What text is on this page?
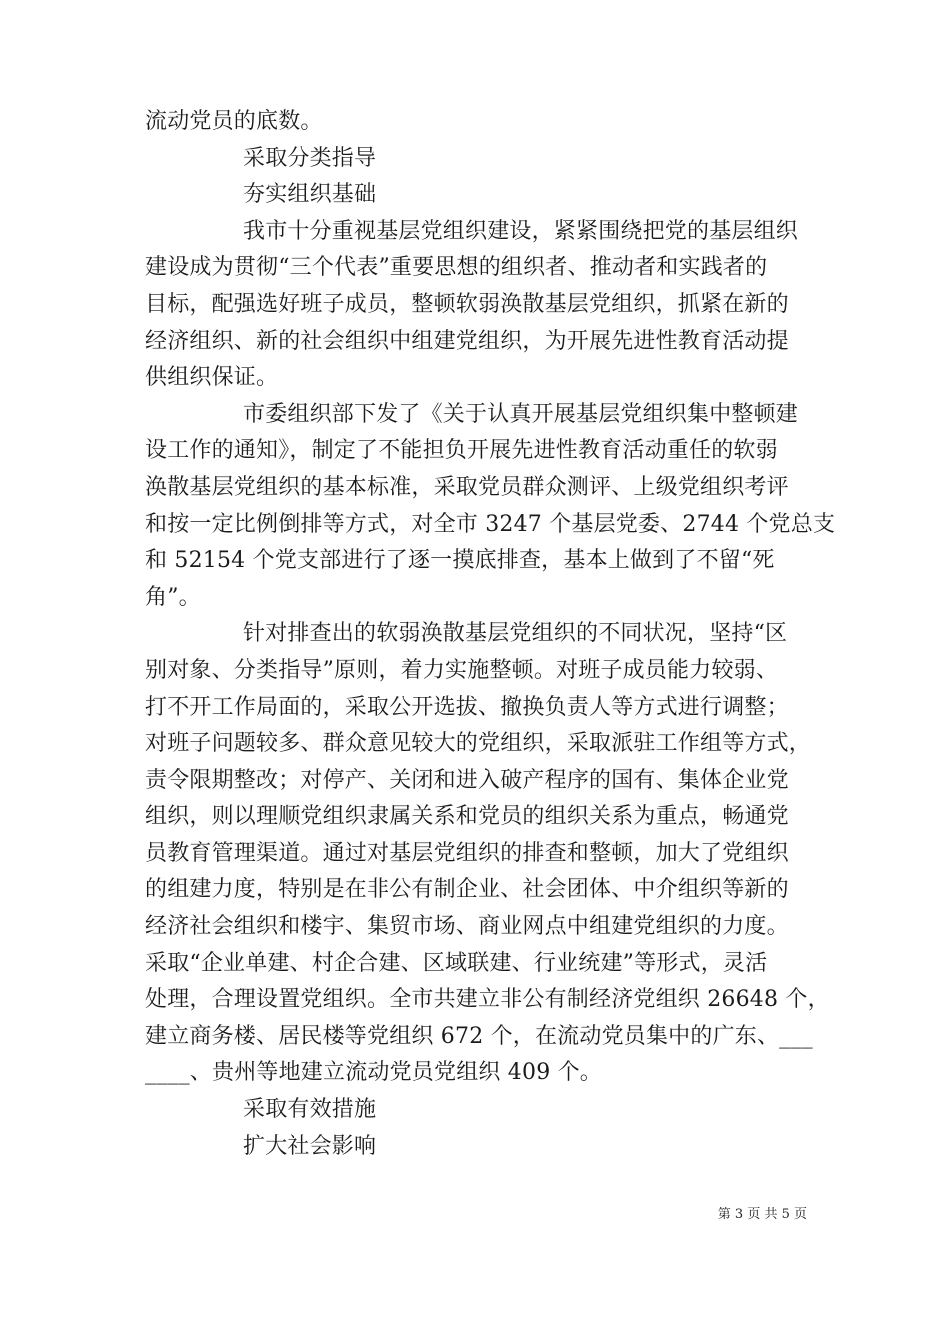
流动党员的底数。
采取分类指导
夯实组织基础
我市十分重视基层党组织建设，紧紧围绕把党的基层组织
建设成为贯彻“三个代表”重要思想的组织者、推动者和实践者的
目标，配强选好班子成员，整顿软弱涣散基层党组织，抓紧在新的
经济组织、新的社会组织中组建党组织，为开展先进性教育活动提
供组织保证。
市委组织部下发了《关于认真开展基层党组织集中整顿建
设工作的通知》，制定了不能担负开展先进性教育活动重任的软弱
涣散基层党组织的基本标准，采取党员群众测评、上级党组织考评
和按一定比例倒排等方式，对全市 3247 个基层党委、2744 个党总支
和 52154 个党支部进行了逐一摸底排查，基本上做到了不留“死
角”。
针对排查出的软弱涣散基层党组织的不同状况，坚持“区
别对象、分类指导”原则，着力实施整顿。对班子成员能力较弱、
打不开工作局面的，采取公开选拔、撤换负责人等方式进行调整；
对班子问题较多、群众意见较大的党组织，采取派驻工作组等方式，
责令限期整改；对停产、关闭和进入破产程序的国有、集体企业党
组织，则以理顺党组织隶属关系和党员的组织关系为重点，畅通党
员教育管理渠道。通过对基层党组织的排查和整顿，加大了党组织
的组建力度，特别是在非公有制企业、社会团体、中介组织等新的
经济社会组织和楼宇、集贸市场、商业网点中组建党组织的力度。
采取“企业单建、村企合建、区域联建、行业统建”等形式，灵活
处理，合理设置党组织。全市共建立非公有制经济党组织 26648 个，
建立商务楼、居民楼等党组织 672 个，在流动党员集中的广东、___
____、贵州等地建立流动党员党组织 409 个。
采取有效措施
扩大社会影响
第 3 页 共 5 页
